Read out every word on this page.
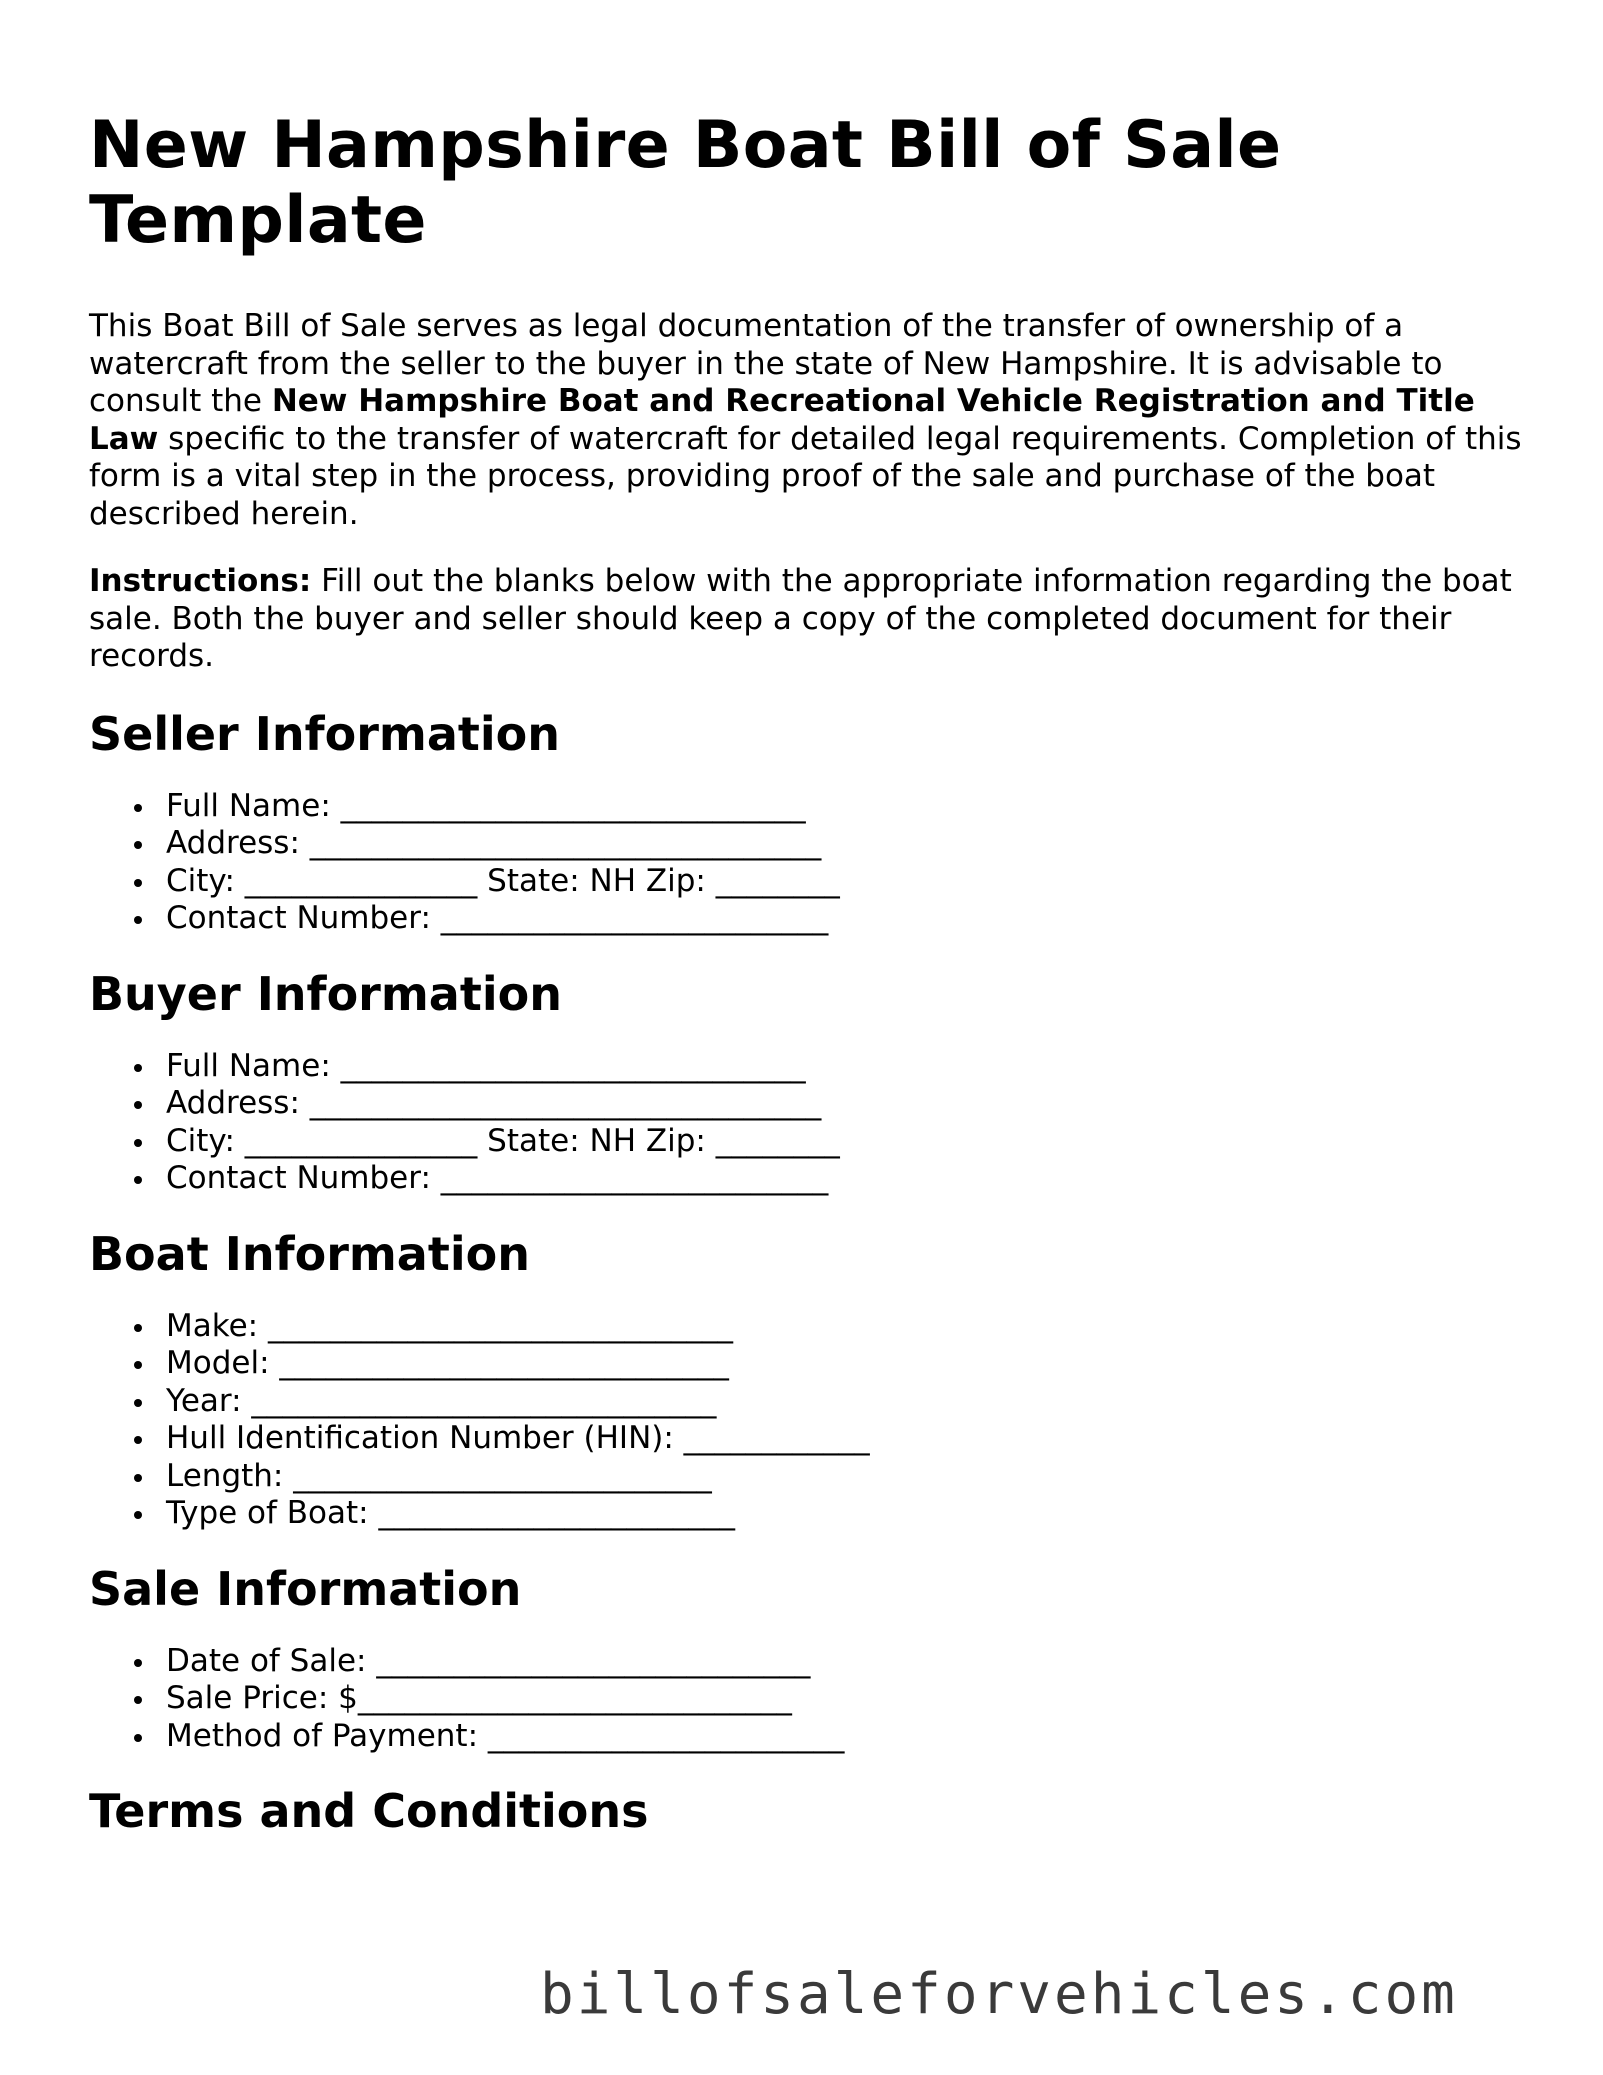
New Hampshire Boat Bill of Sale Template

This Boat Bill of Sale serves as legal documentation of the transfer of ownership of a watercraft from the seller to the buyer in the state of New Hampshire. It is advisable to consult the New Hampshire Boat and Recreational Vehicle Registration and Title Law specific to the transfer of watercraft for detailed legal requirements. Completion of this form is a vital step in the process, providing proof of the sale and purchase of the boat described herein.

Instructions: Fill out the blanks below with the appropriate information regarding the boat sale. Both the buyer and seller should keep a copy of the completed document for their records.

Seller Information
Full Name: ______________________________
Address: _________________________________
City: _______________ State: NH Zip: ________
Contact Number: _________________________
Buyer Information
Full Name: ______________________________
Address: _________________________________
City: _______________ State: NH Zip: ________
Contact Number: _________________________
Boat Information
Make: ______________________________
Model: _____________________________
Year: ______________________________
Hull Identification Number (HIN): ____________
Length: ___________________________
Type of Boat: _______________________
Sale Information
Date of Sale: ____________________________
Sale Price: $____________________________
Method of Payment: _______________________
Terms and Conditions
billofsaleforvehicles.com
